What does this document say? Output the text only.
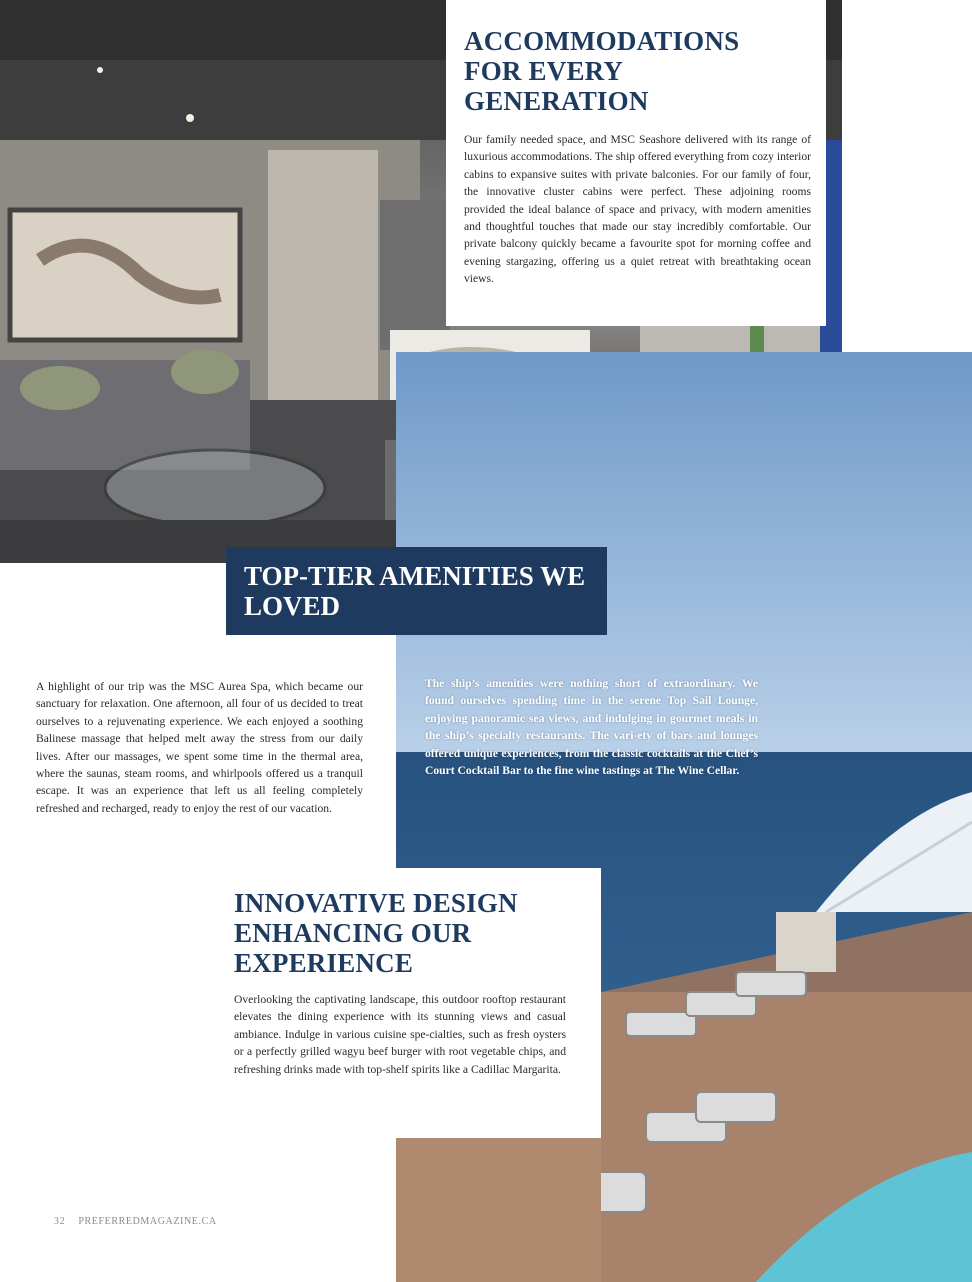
ACCOMMODATIONS FOR EVERY GENERATION

Our family needed space, and MSC Seashore delivered with its range of luxurious accommodations. The ship offered everything from cozy interior cabins to expansive suites with private balconies. For our family of four, the innovative cluster cabins were perfect. These adjoining rooms provided the ideal balance of space and privacy, with modern amenities and thoughtful touches that made our stay incredibly comfortable. Our private balcony quickly became a favourite spot for morning coffee and evening stargazing, offering us a quiet retreat with breathtaking ocean views.

TOP-TIER AMENITIES WE LOVED

A highlight of our trip was the MSC Aurea Spa, which became our sanctuary for relaxation. One afternoon, all four of us decided to treat ourselves to a rejuvenating experience. We each enjoyed a soothing Balinese massage that helped melt away the stress from our daily lives. After our massages, we spent some time in the thermal area, where the saunas, steam rooms, and whirlpools offered us a tranquil escape. It was an experience that left us all feeling completely refreshed and recharged, ready to enjoy the rest of our vacation.

The ship’s amenities were nothing short of extraordinary. We found ourselves spending time in the serene Top Sail Lounge, enjoying panoramic sea views, and indulging in gourmet meals in the ship’s specialty restaurants. The vari-ety of bars and lounges offered unique experiences, from the classic cocktails at the Chef’s Court Cocktail Bar to the fine wine tastings at The Wine Cellar.

INNOVATIVE DESIGN ENHANCING OUR EXPERIENCE

Overlooking the captivating landscape, this outdoor rooftop restaurant elevates the dining experience with its stunning views and casual ambiance. Indulge in various cuisine spe-cialties, such as fresh oysters or a perfectly grilled wagyu beef burger with root vegetable chips, and refreshing drinks made with top-shelf spirits like a Cadillac Margarita.

32 PREFERREDMAGAZINE.CA
